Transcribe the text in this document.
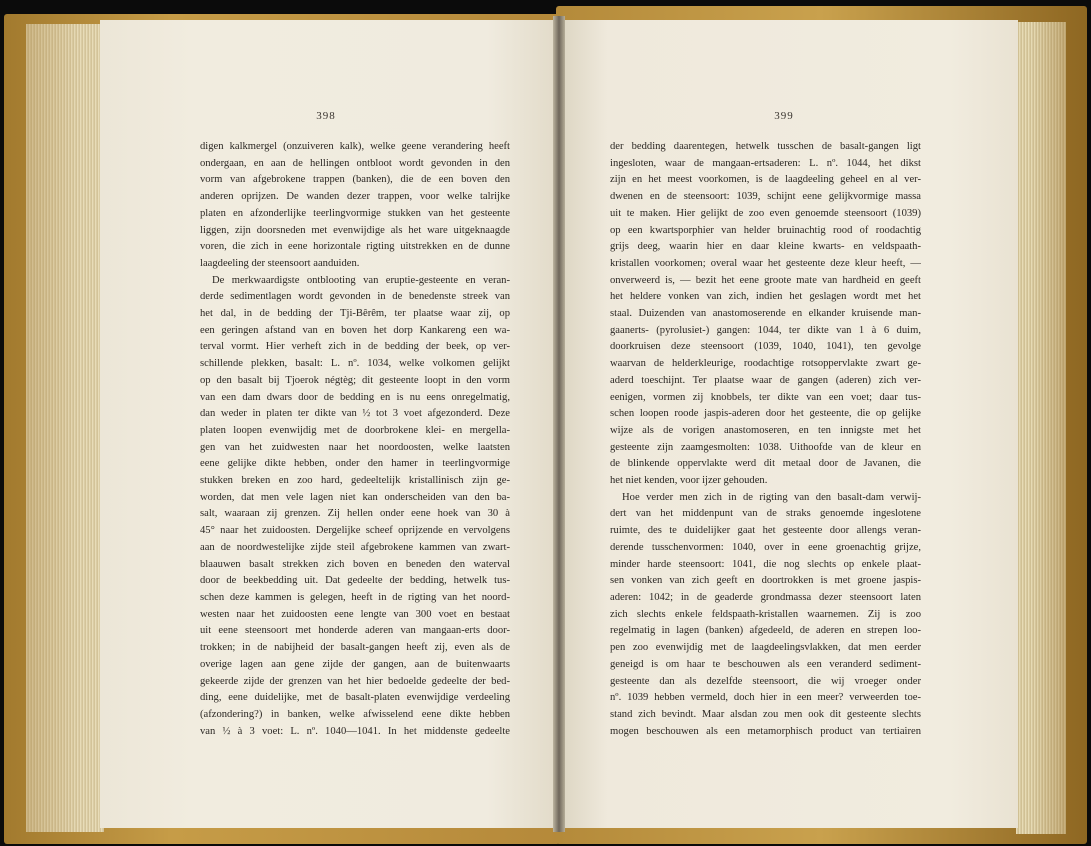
398
digen kalkmergel (onzuiveren kalk), welke geene verandering heeft
ondergaan, en aan de hellingen ontbloot wordt gevonden in den
vorm van afgebrokene trappen (banken), die de een boven den
anderen oprijzen. De wanden dezer trappen, voor welke talrijke
platen en afzonderlijke teerlingvormige stukken van het gesteente
liggen, zijn doorsneden met evenwijdige als het ware uitgeknaagde
voren, die zich in eene horizontale rigting uitstrekken en de dunne
laagdeeling der steensoort aanduiden.
De merkwaardigste ontblooting van eruptie-gesteente en veran-
derde sedimentlagen wordt gevonden in de benedenste streek van
het dal, in de bedding der Tji-Bêrêm, ter plaatse waar zij, op
een geringen afstand van en boven het dorp Kankareng een wa-
terval vormt. Hier verheft zich in de bedding der beek, op ver-
schillende plekken, basalt: L. nº. 1034, welke volkomen gelijkt
op den basalt bij Tjoerok négtèg; dit gesteente loopt in den vorm
van een dam dwars door de bedding en is nu eens onregelmatig,
dan weder in platen ter dikte van ½ tot 3 voet afgezonderd. Deze
platen loopen evenwijdig met de doorbrokene klei- en mergella-
gen van het zuidwesten naar het noordoosten, welke laatsten
eene gelijke dikte hebben, onder den hamer in teerlingvormige
stukken breken en zoo hard, gedeeltelijk kristallinisch zijn ge-
worden, dat men vele lagen niet kan onderscheiden van den ba-
salt, waaraan zij grenzen. Zij hellen onder eene hoek van 30 à
45° naar het zuidoosten. Dergelijke scheef oprijzende en vervolgens
aan de noordwestelijke zijde steil afgebrokene kammen van zwart-
blaauwen basalt strekken zich boven en beneden den waterval
door de beekbedding uit. Dat gedeelte der bedding, hetwelk tus-
schen deze kammen is gelegen, heeft in de rigting van het noord-
westen naar het zuidoosten eene lengte van 300 voet en bestaat
uit eene steensoort met honderde aderen van mangaan-erts door-
trokken; in de nabijheid der basalt-gangen heeft zij, even als de
overige lagen aan gene zijde der gangen, aan de buitenwaarts
gekeerde zijde der grenzen van het hier bedoelde gedeelte der bed-
ding, eene duidelijke, met de basalt-platen evenwijdige verdeeling
(afzondering?) in banken, welke afwisselend eene dikte hebben
van ½ à 3 voet: L. nº. 1040—1041. In het middenste gedeelte
399
der bedding daarentegen, hetwelk tusschen de basalt-gangen ligt
ingesloten, waar de mangaan-ertsaderen: L. nº. 1044, het dikst
zijn en het meest voorkomen, is de laagdeeling geheel en al ver-
dwenen en de steensoort: 1039, schijnt eene gelijkvormige massa
uit te maken. Hier gelijkt de zoo even genoemde steensoort (1039)
op een kwartsporphier van helder bruinachtig rood of roodachtig
grijs deeg, waarin hier en daar kleine kwarts- en veldspaath-
kristallen voorkomen; overal waar het gesteente deze kleur heeft, —
onverweerd is, — bezit het eene groote mate van hardheid en geeft
het heldere vonken van zich, indien het geslagen wordt met het
staal. Duizenden van anastomoserende en elkander kruisende man-
gaanerts- (pyrolusiet-) gangen: 1044, ter dikte van 1 à 6 duim,
doorkruisen deze steensoort (1039, 1040, 1041), ten gevolge
waarvan de helderkleurige, roodachtige rotsoppervlakte zwart ge-
aderd toeschijnt. Ter plaatse waar de gangen (aderen) zich ver-
eenigen, vormen zij knobbels, ter dikte van een voet; daar tus-
schen loopen roode jaspis-aderen door het gesteente, die op gelijke
wijze als de vorigen anastomoseren, en ten innigste met het
gesteente zijn zaamgesmolten: 1038. Uithoofde van de kleur en
de blinkende oppervlakte werd dit metaal door de Javanen, die
het niet kenden, voor ijzer gehouden.
Hoe verder men zich in de rigting van den basalt-dam verwij-
dert van het middenpunt van de straks genoemde ingeslotene
ruimte, des te duidelijker gaat het gesteente door allengs veran-
derende tusschenvormen: 1040, over in eene groenachtig grijze,
minder harde steensoort: 1041, die nog slechts op enkele plaat-
sen vonken van zich geeft en doortrokken is met groene jaspis-
aderen: 1042; in de geaderde grondmassa dezer steensoort laten
zich slechts enkele feldspaath-kristallen waarnemen. Zij is zoo
regelmatig in lagen (banken) afgedeeld, de aderen en strepen loo-
pen zoo evenwijdig met de laagdeelingsvlakken, dat men eerder
geneigd is om haar te beschouwen als een veranderd sediment-
gesteente dan als dezelfde steensoort, die wij vroeger onder
nº. 1039 hebben vermeld, doch hier in een meer? verweerden toe-
stand zich bevindt. Maar alsdan zou men ook dit gesteente slechts
mogen beschouwen als een metamorphisch product van tertiairen
